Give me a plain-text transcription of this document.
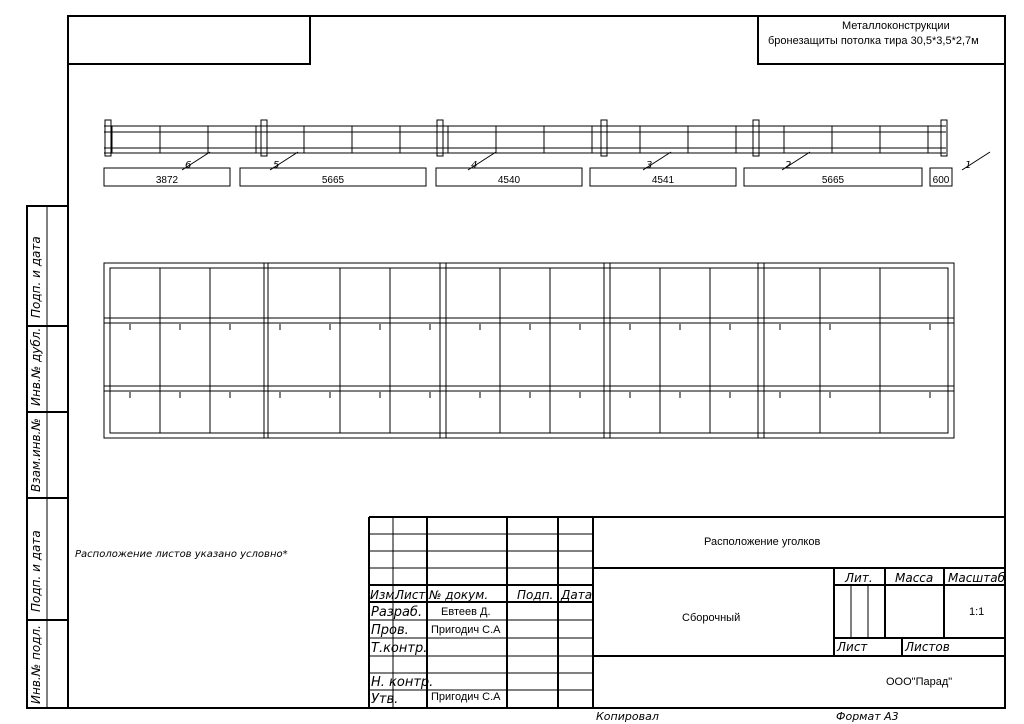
3872
6
5665
5
4540
4
4541
3
5665
2
600
1
Металлоконструкции
бронезащиты потолка тира 30,5*3,5*2,7м
Подп. и дата
Инв.№ дубл.
Взам.инв.№
Подп. и дата
Инв.№ подл.
Расположение листов указано условно*
Изм.
Лист № докум. Подп. Дата
Разраб. Евтеев Д.
Пров. Пригодич С.А
Т.контр.
Н. контр.
Утв.	Пригодич С.А
Расположение уголков
Сборочный
Лит. Масса Масштаб
1:1
Лист	Листов
ООО"Парад"
Копировал	Формат А3
